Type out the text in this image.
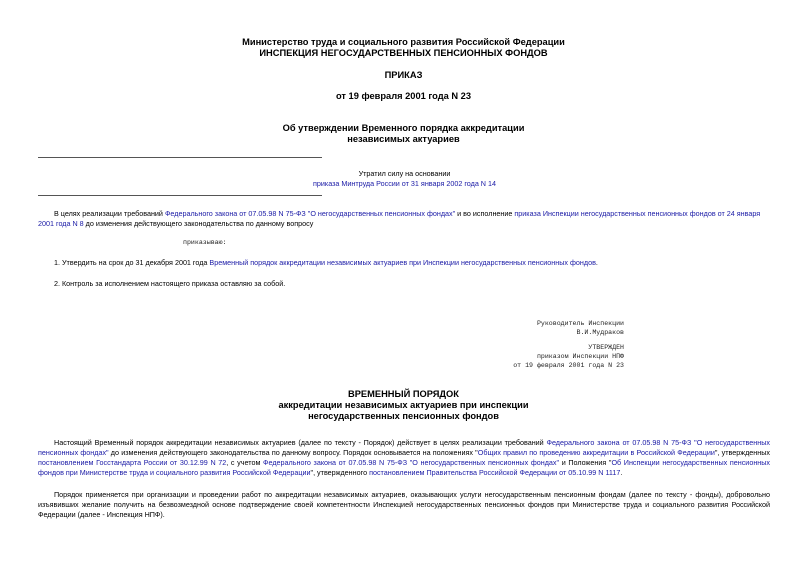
Министерство труда и социального развития Российской Федерации
ИНСПЕКЦИЯ НЕГОСУДАРСТВЕННЫХ ПЕНСИОННЫХ ФОНДОВ
ПРИКАЗ
от 19 февраля 2001 года N 23
Об утверждении Временного порядка аккредитации
независимых актуариев
Утратил силу на основании
приказа Минтруда России от 31 января 2002 года N 14
В целях реализации требований Федерального закона от 07.05.98 N 75-ФЗ "О негосударственных пенсионных фондах" и во исполнение приказа Инспекции негосударственных пенсионных фондов от 24 января 2001 года N 8 до изменения действующего законодательства по данному вопросу
приказываю:
1. Утвердить на срок до 31 декабря 2001 года Временный порядок аккредитации независимых актуариев при Инспекции негосударственных пенсионных фондов.
2. Контроль за исполнением настоящего приказа оставляю за собой.
Руководитель Инспекции
В.И.Мудраков
УТВЕРЖДЕН
приказом Инспекции НПФ
от 19 февраля 2001 года N 23
ВРЕМЕННЫЙ ПОРЯДОК
аккредитации независимых актуариев при инспекции
негосударственных пенсионных фондов
Настоящий Временный порядок аккредитации независимых актуариев (далее по тексту - Порядок) действует в целях реализации требований Федерального закона от 07.05.98 N 75-ФЗ "О негосударственных пенсионных фондах" до изменения действующего законодательства по данному вопросу. Порядок основывается на положениях "Общих правил по проведению аккредитации в Российской Федерации", утвержденных постановлением Госстандарта России от 30.12.99 N 72, с учетом Федерального закона от 07.05.98 N 75-ФЗ "О негосударственных пенсионных фондах" и Положения "Об Инспекции негосударственных пенсионных фондов при Министерстве труда и социального развития Российской Федерации", утвержденного постановлением Правительства Российской Федерации от 05.10.99 N 1117.
Порядок применяется при организации и проведении работ по аккредитации независимых актуариев, оказывающих услуги негосударственным пенсионным фондам (далее по тексту - фонды), добровольно изъявивших желание получить на безвозмездной основе подтверждение своей компетентности Инспекцией негосударственных пенсионных фондов при Министерстве труда и социального развития Российской Федерации (далее - Инспекция НПФ).
